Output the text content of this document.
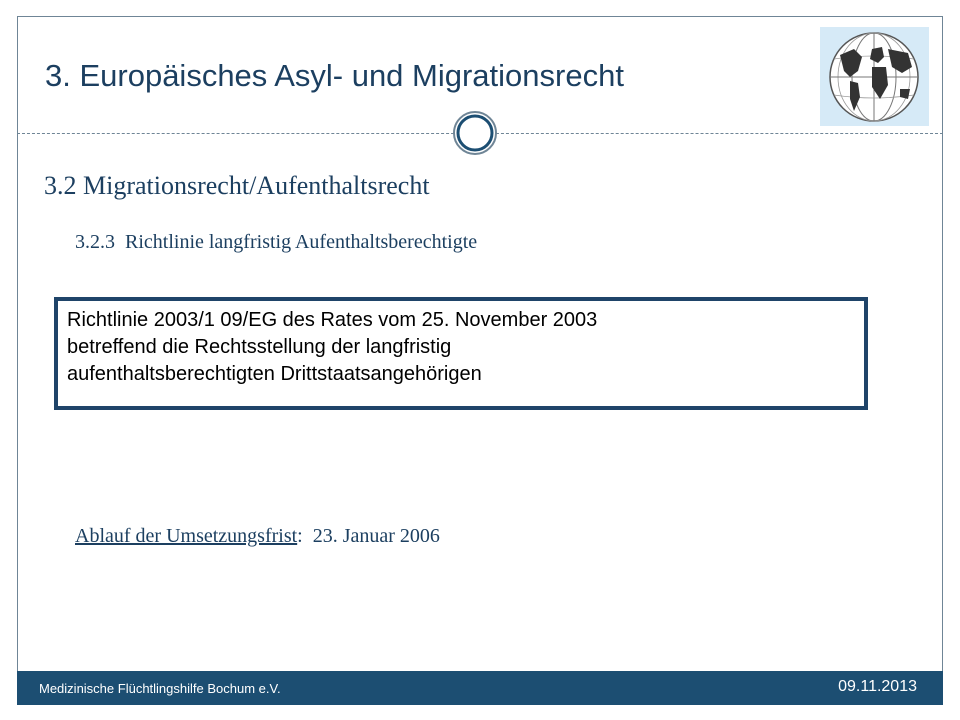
3. Europäisches Asyl- und Migrationsrecht
3.2 Migrationsrecht/Aufenthaltsrecht
3.2.3 Richtlinie langfristig Aufenthaltsberechtigte
Richtlinie 2003/1 09/EG des Rates vom 25. November 2003
betreffend die Rechtsstellung der langfristig
aufenthaltsberechtigten Drittstaatsangehörigen
Ablauf der Umsetzungsfrist:  23. Januar 2006
Medizinische Flüchtlingshilfe Bochum e.V.	09.11.2013
